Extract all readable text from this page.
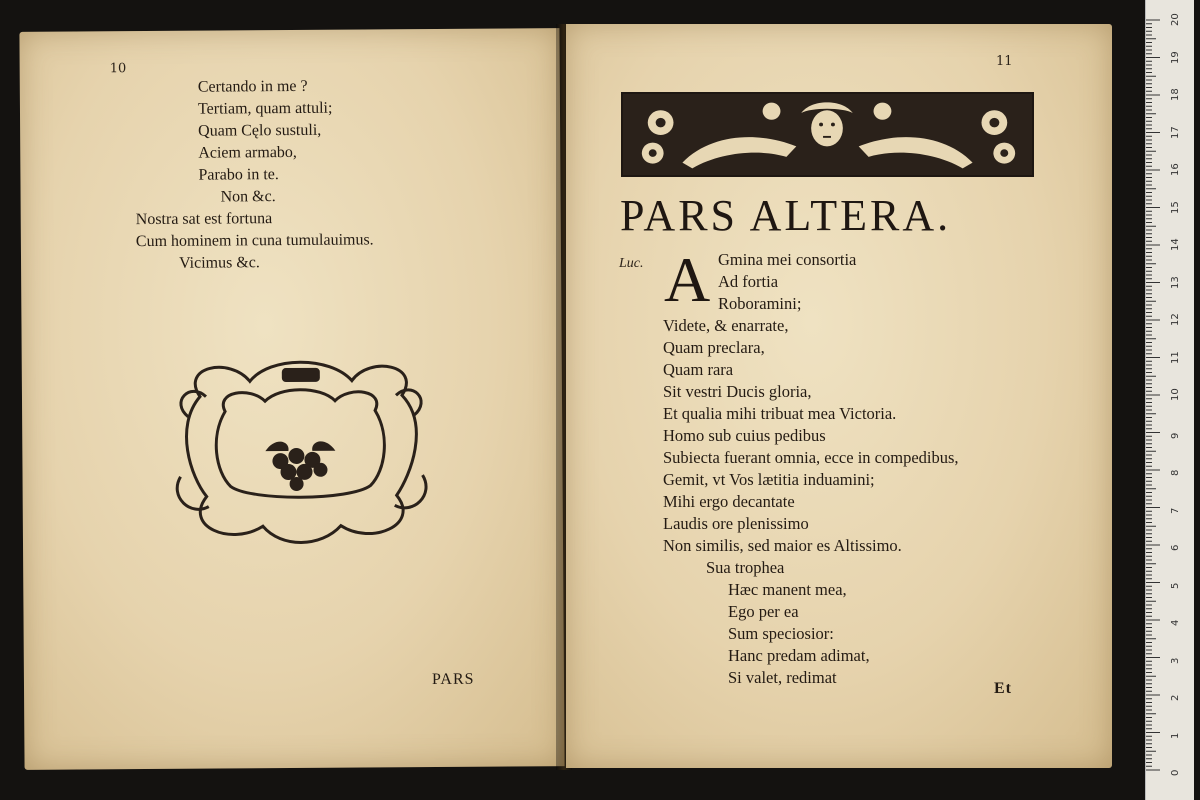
10

Certando in me ?

Tertiam, quam attuli;

Quam Cęlo sustuli,

Aciem armabo,

Parabo in te.

Non &c.

Nostra sat est fortuna

Cum hominem in cuna tumulauimus.

Vicimus &c.

PARS
11
PARS ALTERA.
Luc. A Gmina mei consortia

Ad fortia

Roboramini;

Videte, & enarrate,

Quam preclara,

Quam rara

Sit vestri Ducis gloria,

Et qualia mihi tribuat mea Victoria.

Homo sub cuius pedibus

Subiecta fuerant omnia, ecce in compedibus,

Gemit, vt Vos lætitia induamini;

Mihi ergo decantate

Laudis ore plenissimo

Non similis, sed maior es Altissimo.

Sua trophea

Hæc manent mea,

Ego per ea

Sum speciosior:

Hanc predam adimat,

Si valet, redimat

Et
20
19
18
17
16
15
14
13
12
11
10
9
8
7
6
5
4
3
2
1
0
